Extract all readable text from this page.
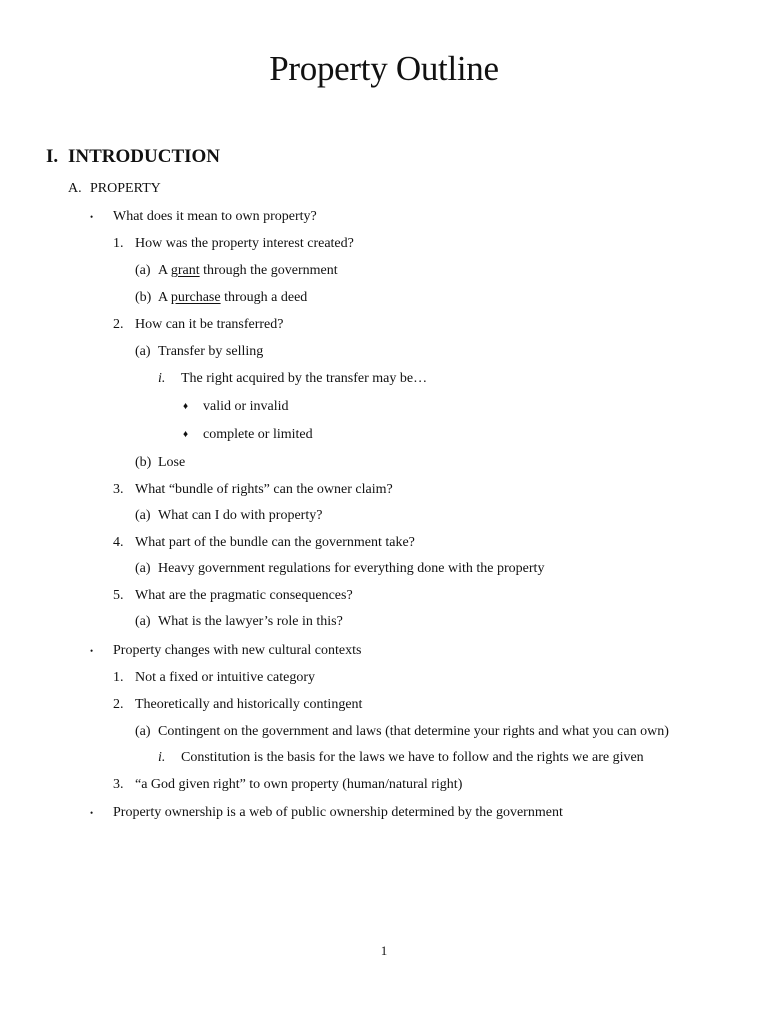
Property Outline
I. INTRODUCTION
A. PROPERTY
• What does it mean to own property?
1. How was the property interest created?
(a) A grant through the government
(b) A purchase through a deed
2. How can it be transferred?
(a) Transfer by selling
i. The right acquired by the transfer may be…
♦ valid or invalid
♦ complete or limited
(b) Lose
3. What “bundle of rights” can the owner claim?
(a) What can I do with property?
4. What part of the bundle can the government take?
(a) Heavy government regulations for everything done with the property
5. What are the pragmatic consequences?
(a) What is the lawyer’s role in this?
• Property changes with new cultural contexts
1. Not a fixed or intuitive category
2. Theoretically and historically contingent
(a) Contingent on the government and laws (that determine your rights and what you can own)
i. Constitution is the basis for the laws we have to follow and the rights we are given
3. “a God given right” to own property (human/natural right)
• Property ownership is a web of public ownership determined by the government
1
